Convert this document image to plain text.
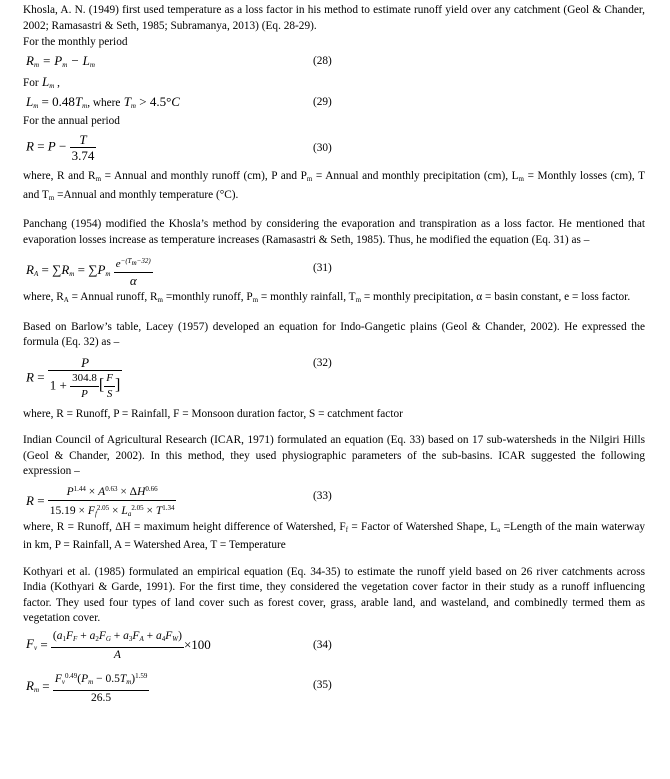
Khosla, A. N. (1949) first used temperature as a loss factor in his method to estimate runoff yield over any catchment (Geol & Chander, 2002; Ramasastri & Seth, 1985; Subramanya, 2013) (Eq. 28-29).

For the monthly period

$R_m = P_m - L_m$	(28)
For $L_m$ ,
$L_m = 0.48T_m$, where $T_m > 4.5^\circ C$	(29)

For the annual period

$R = P - \frac{T}{3.74}$	(30)
where, R and $R_m$ = Annual and monthly runoff (cm), P and $P_m$ = Annual and monthly precipitation (cm), $L_m$ = Monthly losses (cm), T and $T_m$ =Annual and monthly temperature (°C).

Panchang (1954) modified the Khosla’s method by considering the evaporation and transpiration as a loss factor. He mentioned that evaporation losses increase as temperature increases (Ramasastri & Seth, 1985). Thus, he modified the equation (Eq. 31) as –

$R_A = \sum R_m = \sum P_m \frac{e^{-(T_m-32)}}{\alpha}$	(31)
where, $R_A$ = Annual runoff, $R_m$ =monthly runoff, $P_m$ = monthly rainfall, $T_m$ = monthly precipitation, α = basin constant, e = loss factor.

Based on Barlow’s table, Lacey (1957) developed an equation for Indo-Gangetic plains (Geol & Chander, 2002). He expressed the formula (Eq. 32) as –

$R = \frac{P}{1 + \frac{304.8}{P} [ \frac{F}{S} ]}$	(32)

where, R = Runoff, P = Rainfall, F = Monsoon duration factor, S = catchment factor

Indian Council of Agricultural Research (ICAR, 1971) formulated an equation (Eq. 33) based on 17 sub-watersheds in the Nilgiri Hills (Geol & Chander, 2002). In this method, they used physiographic parameters of the sub-basins. ICAR suggested the following expression –

$R = \frac{P^{1.44} \times A^{0.63} \times \Delta H^{0.66}}{15.19 \times F_f^{2.05} \times L_a^{2.05} \times T^{1.34}}$	(33)
where, R = Runoff, ΔH = maximum height difference of Watershed, $F_f$ = Factor of Watershed Shape, $L_a$ =Length of the main waterway in km, P = Rainfall, A = Watershed Area, T = Temperature

Kothyari et al. (1985) formulated an empirical equation (Eq. 34-35) to estimate the runoff yield based on 26 river catchments across India (Kothyari & Garde, 1991). For the first time, they considered the vegetation cover factor in their study as a runoff influencing factor. They used four types of land cover such as forest cover, grass, arable land, and wasteland, and combinedly termed them as vegetation cover.

$F_v = \frac{(a_1F_F + a_2F_G + a_3F_A + a_4F_W)}{A} \times 100$	(34)
$R_m = \frac{F_v^{0.49}(P_m - 0.5T_m)^{1.59}}{26.5}$	(35)
